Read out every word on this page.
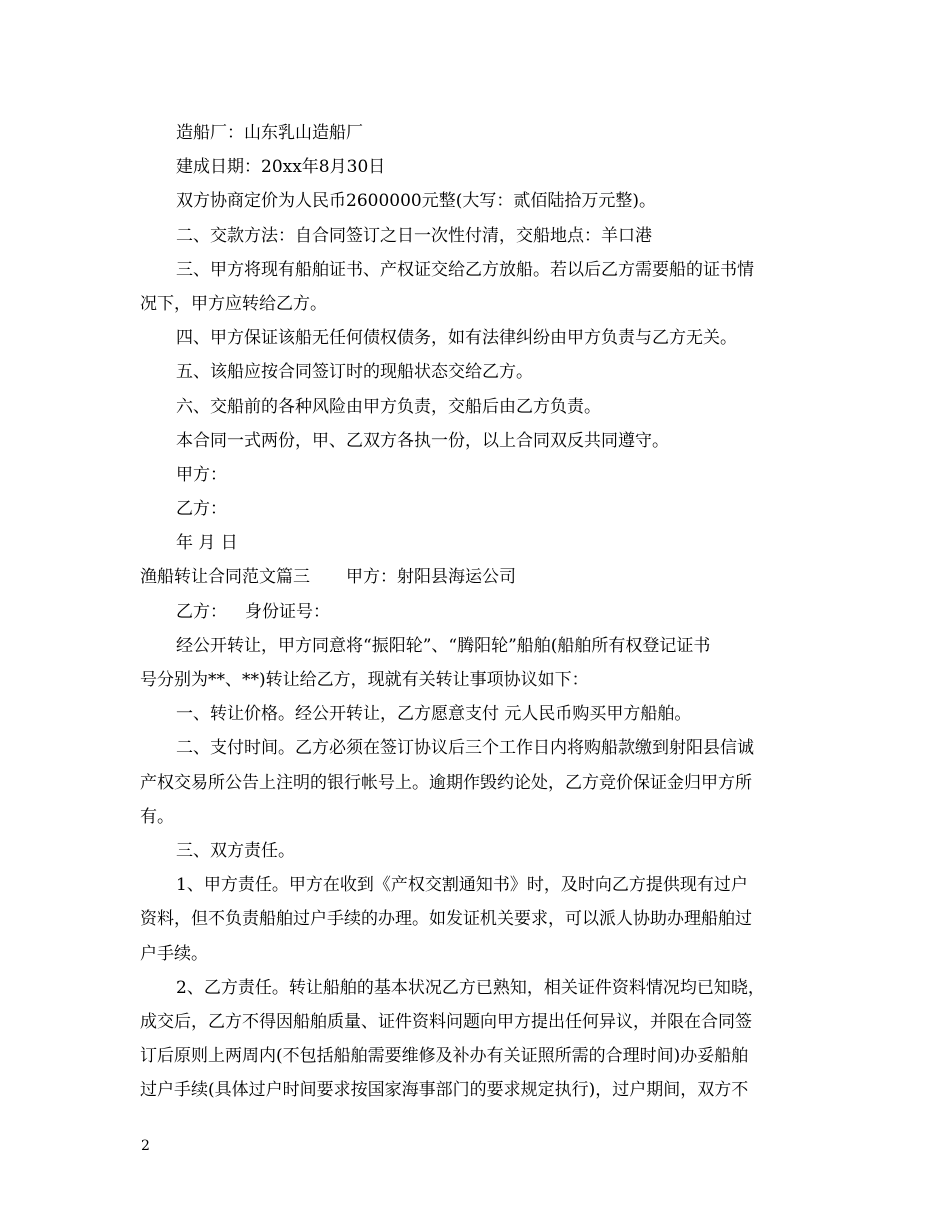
造船厂：山东乳山造船厂
建成日期：20xx年8月30日
双方协商定价为人民币2600000元整(大写：贰佰陆拾万元整)。
二、交款方法：自合同签订之日一次性付清，交船地点：羊口港
三、甲方将现有船舶证书、产权证交给乙方放船。若以后乙方需要船的证书情
况下，甲方应转给乙方。
四、甲方保证该船无任何债权债务，如有法律纠纷由甲方负责与乙方无关。
五、该船应按合同签订时的现船状态交给乙方。
六、交船前的各种风险由甲方负责，交船后由乙方负责。
本合同一式两份，甲、乙双方各执一份，以上合同双反共同遵守。
甲方：
乙方：
年 月 日
渔船转让合同范文篇三 甲方：射阳县海运公司
乙方： 身份证号：
经公开转让，甲方同意将“振阳轮”、“腾阳轮”船舶(船舶所有权登记证书
号分别为**、**)转让给乙方，现就有关转让事项协议如下：
一、转让价格。经公开转让，乙方愿意支付 元人民币购买甲方船舶。
二、支付时间。乙方必须在签订协议后三个工作日内将购船款缴到射阳县信诚
产权交易所公告上注明的银行帐号上。逾期作毁约论处，乙方竞价保证金归甲方所
有。
三、双方责任。
1、甲方责任。甲方在收到《产权交割通知书》时，及时向乙方提供现有过户
资料，但不负责船舶过户手续的办理。如发证机关要求，可以派人协助办理船舶过
户手续。
2、乙方责任。转让船舶的基本状况乙方已熟知，相关证件资料情况均已知晓，
成交后，乙方不得因船舶质量、证件资料问题向甲方提出任何异议，并限在合同签
订后原则上两周内(不包括船舶需要维修及补办有关证照所需的合理时间)办妥船舶
过户手续(具体过户时间要求按国家海事部门的要求规定执行)，过户期间，双方不
2
